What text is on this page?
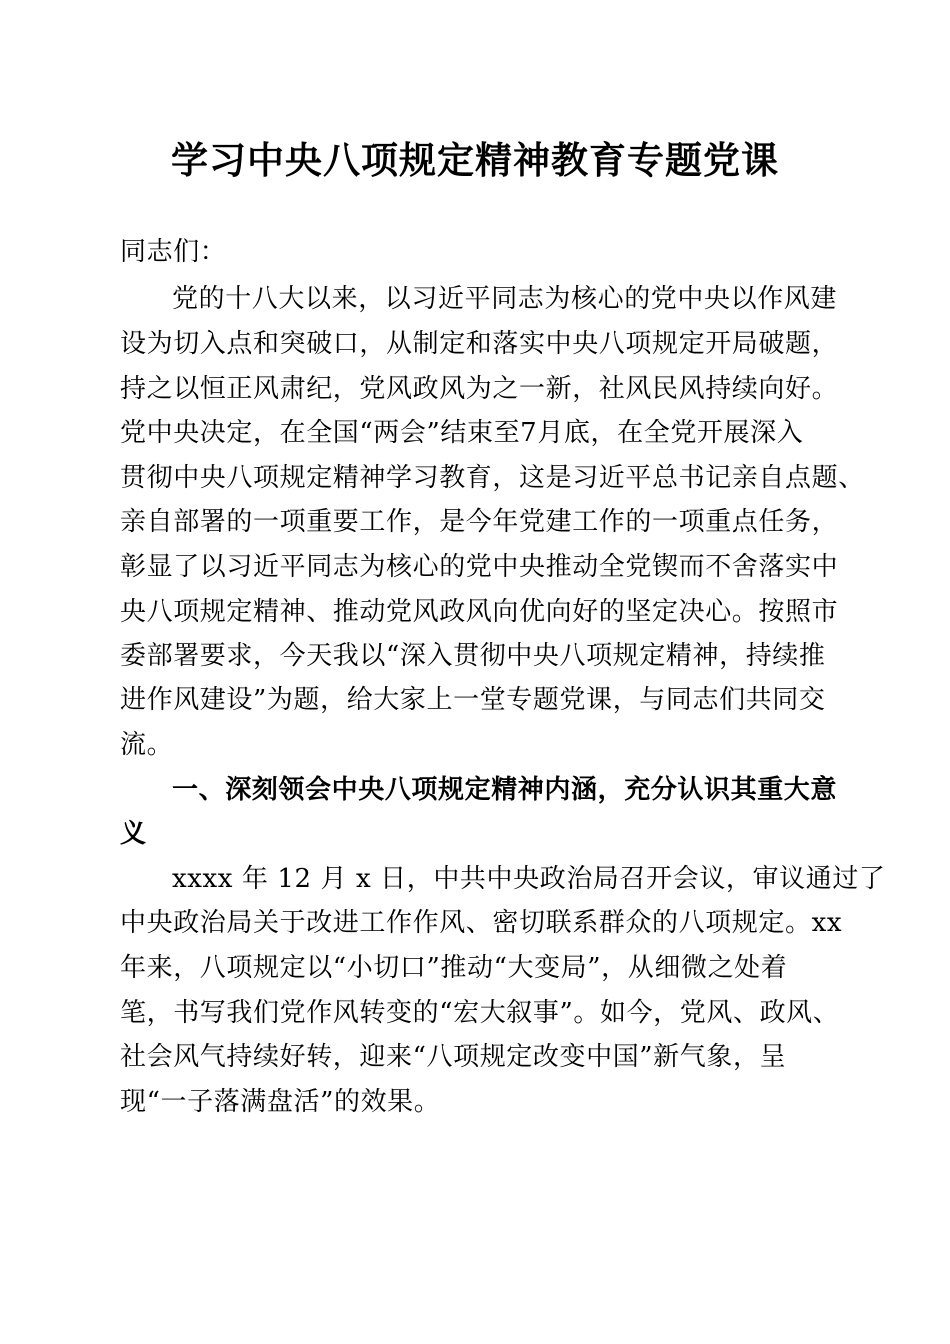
学习中央八项规定精神教育专题党课
同志们：
党的十八大以来，以习近平同志为核心的党中央以作风建
设为切入点和突破口，从制定和落实中央八项规定开局破题，
持之以恒正风肃纪，党风政风为之一新，社风民风持续向好。
党中央决定，在全国“两会”结束至7月底，在全党开展深入
贯彻中央八项规定精神学习教育，这是习近平总书记亲自点题、
亲自部署的一项重要工作，是今年党建工作的一项重点任务，
彰显了以习近平同志为核心的党中央推动全党锲而不舍落实中
央八项规定精神、推动党风政风向优向好的坚定决心。按照市
委部署要求，今天我以“深入贯彻中央八项规定精神，持续推
进作风建设”为题，给大家上一堂专题党课，与同志们共同交
流。
一、深刻领会中央八项规定精神内涵，充分认识其重大意
义
xxxx 年 12 月 x 日，中共中央政治局召开会议，审议通过了
中央政治局关于改进工作作风、密切联系群众的八项规定。xx
年来，八项规定以“小切口”推动“大变局”，从细微之处着
笔，书写我们党作风转变的“宏大叙事”。如今，党风、政风、
社会风气持续好转，迎来“八项规定改变中国”新气象，呈
现“一子落满盘活”的效果。
